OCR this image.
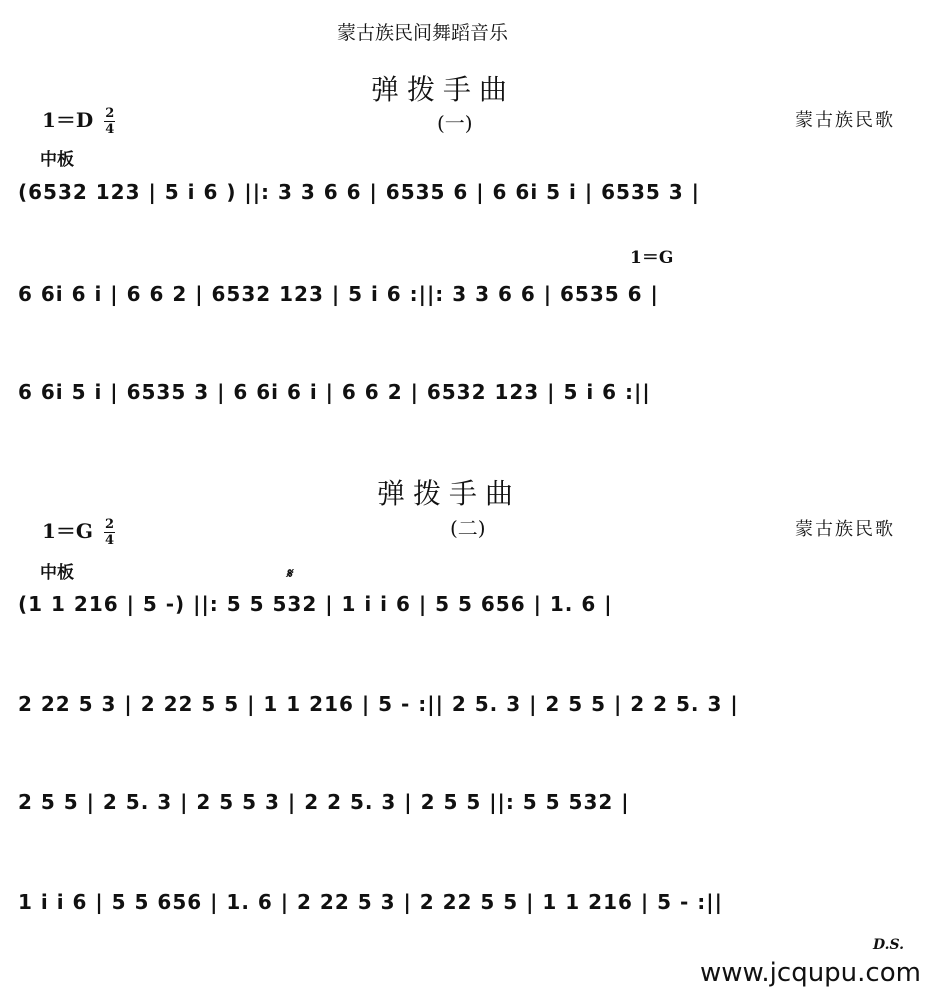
蒙古族民间舞蹈音乐
弹拨手曲
(一)
$1=D \frac{2}{4}$
中板
蒙古族民歌
1＝G
(6532 123 | 5 i 6 ) ||: 3 3 6 6 | 6535 6 | 6 6i 5 i | 6535 3 |
6 6i 6 i | 6 6 2 | 6532 123 | 5 i 6 :||: 3 3 6 6 | 6535 6 |
6 6i 5 i | 6535 3 | 6 6i 6 i | 6 6 2 | 6532 123 | 5 i 6 :||
弹拨手曲
(二)
$1=G \frac{2}{4}$
中板
蒙古族民歌
𝄋
(1 1 216 | 5 -) ||: 5 5 532 | 1 i i 6 | 5 5 656 | 1. 6 |
2 22 5 3 | 2 22 5 5 | 1 1 216 | 5 - :|| 2 5. 3 | 2 5 5 | 2 2 5. 3 |
2 5 5 | 2 5. 3 | 2 5 5 3 | 2 2 5. 3 | 2 5 5 ||: 5 5 532 |
1 i i 6 | 5 5 656 | 1. 6 | 2 22 5 3 | 2 22 5 5 | 1 1 216 | 5 - :||
D.S.
www.jcqupu.com
